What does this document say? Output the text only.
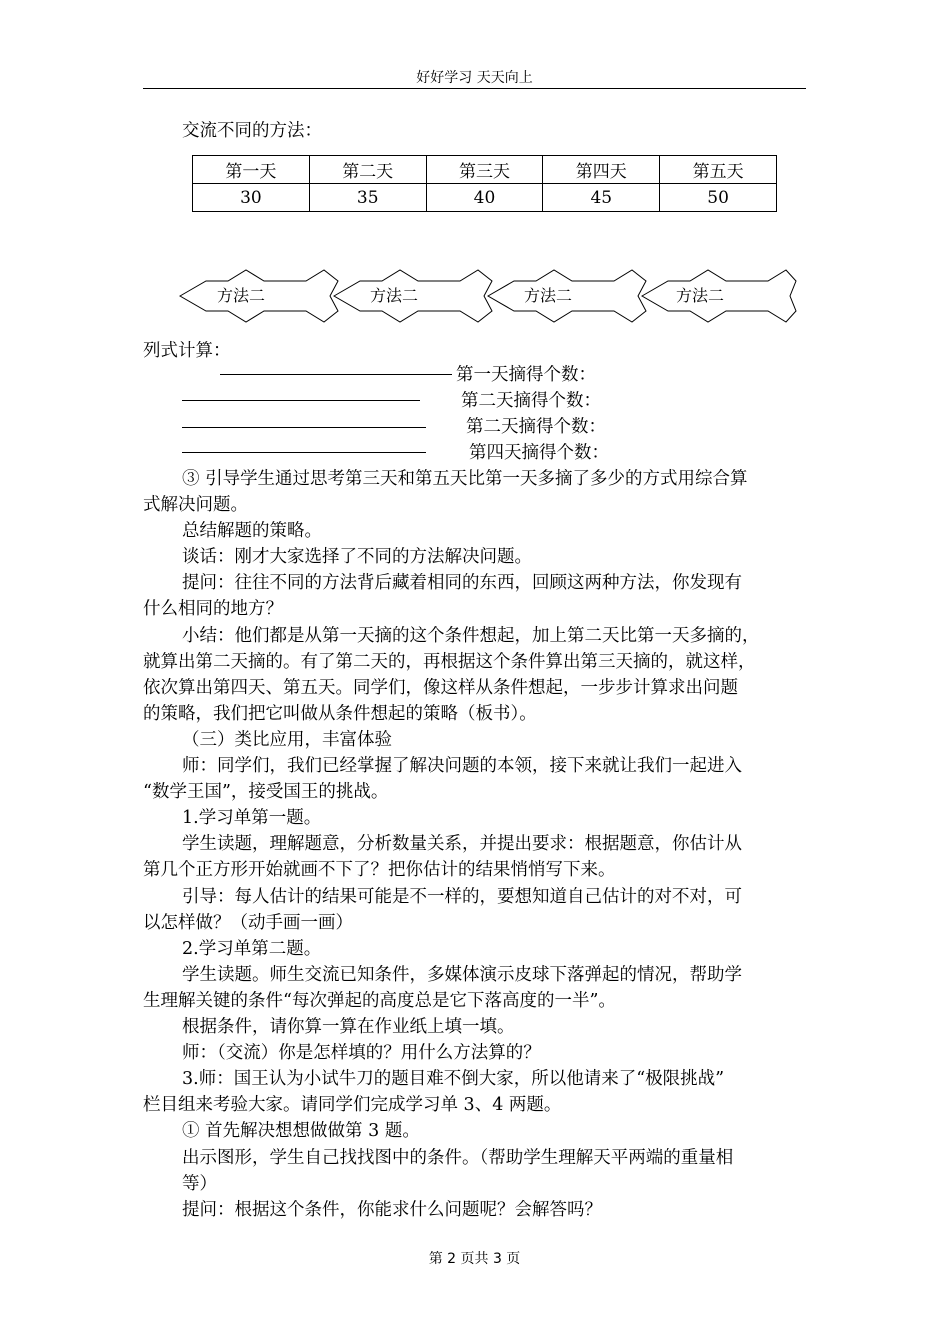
好好学习 天天向上
交流不同的方法：
第一天	第二天	第三天	第四天	第五天
30	35	40	45	50
方法二	方法二	方法二	方法二
列式计算：
第一天摘得个数：
第二天摘得个数：
第二天摘得个数：
第四天摘得个数：
③ 引导学生通过思考第三天和第五天比第一天多摘了多少的方式用综合算
式解决问题。
总结解题的策略。
谈话：刚才大家选择了不同的方法解决问题。
提问：往往不同的方法背后藏着相同的东西，回顾这两种方法，你发现有
什么相同的地方？
小结：他们都是从第一天摘的这个条件想起，加上第二天比第一天多摘的，
就算出第二天摘的。有了第二天的，再根据这个条件算出第三天摘的，就这样，
依次算出第四天、第五天。同学们，像这样从条件想起，一步步计算求出问题
的策略，我们把它叫做从条件想起的策略（板书）。
（三）类比应用，丰富体验
师：同学们，我们已经掌握了解决问题的本领，接下来就让我们一起进入
“数学王国”，接受国王的挑战。
1.学习单第一题。
学生读题，理解题意，分析数量关系，并提出要求：根据题意，你估计从
第几个正方形开始就画不下了？把你估计的结果悄悄写下来。
引导：每人估计的结果可能是不一样的，要想知道自己估计的对不对，可
以怎样做？（动手画一画）
2.学习单第二题。
学生读题。师生交流已知条件，多媒体演示皮球下落弹起的情况，帮助学
生理解关键的条件“每次弹起的高度总是它下落高度的一半”。
根据条件，请你算一算在作业纸上填一填。
师：（交流）你是怎样填的？用什么方法算的？
3.师：国王认为小试牛刀的题目难不倒大家，所以他请来了“极限挑战”
栏目组来考验大家。请同学们完成学习单 3、4 两题。
① 首先解决想想做做第 3 题。
出示图形，学生自己找找图中的条件。（帮助学生理解天平两端的重量相
等）
提问：根据这个条件，你能求什么问题呢？会解答吗？
第 2 页共 3 页
